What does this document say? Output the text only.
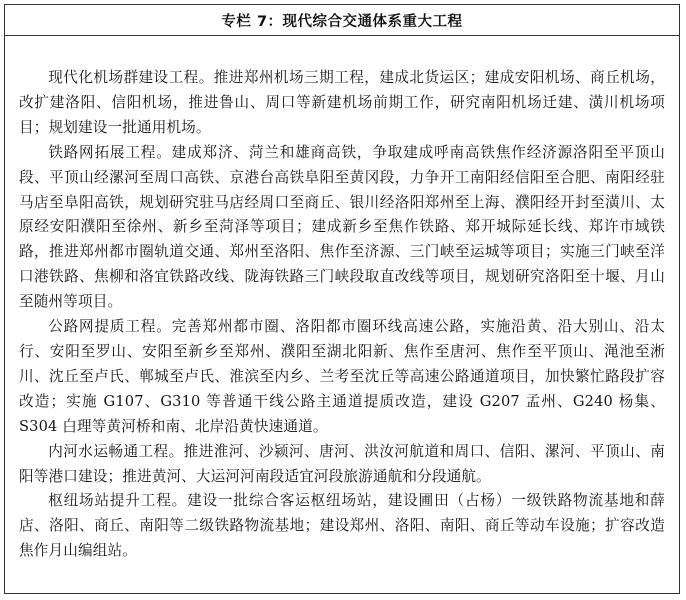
专栏 7：现代综合交通体系重大工程

现代化机场群建设工程。推进郑州机场三期工程，建成北货运区；建成安阳机场、商丘机场，改扩建洛阳、信阳机场，推进鲁山、周口等新建机场前期工作，研究南阳机场迁建、潢川机场项目；规划建设一批通用机场。

铁路网拓展工程。建成郑济、菏兰和雄商高铁，争取建成呼南高铁焦作经济源洛阳至平顶山段、平顶山经漯河至周口高铁、京港台高铁阜阳至黄冈段，力争开工南阳经信阳至合肥、南阳经驻马店至阜阳高铁，规划研究驻马店经周口至商丘、银川经洛阳郑州至上海、濮阳经开封至潢川、太原经安阳濮阳至徐州、新乡至菏泽等项目；建成新乡至焦作铁路、郑开城际延长线、郑许市域铁路，推进郑州都市圈轨道交通、郑州至洛阳、焦作至济源、三门峡至运城等项目；实施三门峡至洋口港铁路、焦柳和洛宜铁路改线、陇海铁路三门峡段取直改线等项目，规划研究洛阳至十堰、月山至随州等项目。

公路网提质工程。完善郑州都市圈、洛阳都市圈环线高速公路，实施沿黄、沿大别山、沿太行、安阳至罗山、安阳至新乡至郑州、濮阳至湖北阳新、焦作至唐河、焦作至平顶山、渑池至淅川、沈丘至卢氏、郸城至卢氏、淮滨至内乡、兰考至沈丘等高速公路通道项目，加快繁忙路段扩容改造；实施 G107、G310 等普通干线公路主通道提质改造，建设 G207 孟州、G240 杨集、S304 白理等黄河桥和南、北岸沿黄快速通道。

内河水运畅通工程。推进淮河、沙颍河、唐河、洪汝河航道和周口、信阳、漯河、平顶山、南阳等港口建设；推进黄河、大运河河南段适宜河段旅游通航和分段通航。

枢纽场站提升工程。建设一批综合客运枢纽场站，建设圃田（占杨）一级铁路物流基地和薛店、洛阳、商丘、南阳等二级铁路物流基地；建设郑州、洛阳、南阳、商丘等动车设施；扩容改造焦作月山编组站。
